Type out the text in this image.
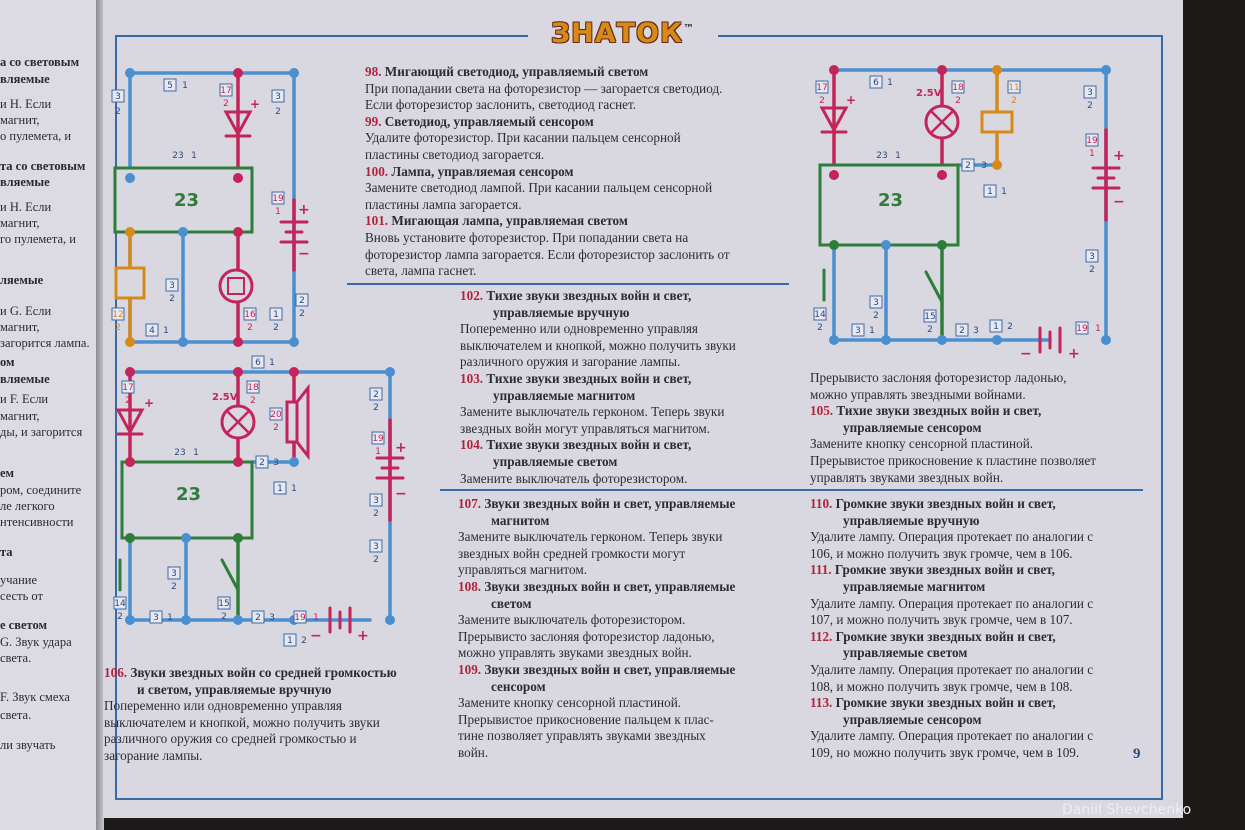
а со световым
вляемые
и H. Если
магнит,
о пулемета, и
та со световым
вляемые
и H. Если
магнит,
го пулемета, и
ляемые
и G. Если
магнит,
загорится лампа.
ом
вляемые
и F. Если
магнит,
ды, и загорится
ем
ром, соедините
ле легкого
нтенсивности
та
учание
сесть от
е светом
G. Звук удара
света.
F. Звук смеха
света.
ли звучать
ЗНАТОК™
23
23
23
+
+
−
+	2.5V
+
−
−	+
+	2.5V
+
−
−	+
5 1
3
2
17
2
3
2
23 1
19
1
2
2
12
2
3
2
4 1
16
2
1
2
6 1
17
2
18
2
20
2
23 1
2 3
1 1
2
2
19
1
3
2
3
2
14
2
3
2
15
2
3 1	2 3 19 1
1 2
6 1
17
2
18
2
11
2
3
2
23 1
2 3
1 1
19
1
3
2
14
2
3
2	15
2
3 1	2 3 1 2	19 1
98. Мигающий светодиод, управляемый светом
При попадании света на фоторезистор — загорается светодиод.
Если фоторезистор заслонить, светодиод гаснет.
99. Светодиод, управляемый сенсором
Удалите фоторезистор. При касании пальцем сенсорной
пластины светодиод загорается.
100. Лампа, управляемая сенсором
Замените светодиод лампой. При касании пальцем сенсорной
пластины лампа загорается.
101. Мигающая лампа, управляемая светом
Вновь установите фоторезистор. При попадании света на
фоторезистор лампа загорается. Если фоторезистор заслонить от
света, лампа гаснет.
102. Тихие звуки звездных войн и свет,
управляемые вручную
Попеременно или одновременно управляя
выключателем и кнопкой, можно получить звуки
различного оружия и загорание лампы.
103. Тихие звуки звездных войн и свет,
управляемые магнитом
Замените выключатель герконом. Теперь звуки
звездных войн могут управляться магнитом.
104. Тихие звуки звездных войн и свет,
управляемые светом
Замените выключатель фоторезистором.
Прерывисто заслоняя фоторезистор ладонью,
можно управлять звездными войнами.
105. Тихие звуки звездных войн и свет,
управляемые сенсором
Замените кнопку сенсорной пластиной.
Прерывистое прикосновение к пластине позволяет
управлять звуками звездных войн.
106. Звуки звездных войн со средней громкостью
и светом, управляемые вручную
Попеременно или одновременно управляя
выключателем и кнопкой, можно получить звуки
различного оружия со средней громкостью и
загорание лампы.
107. Звуки звездных войн и свет, управляемые
магнитом
Замените выключатель герконом. Теперь звуки
звездных войн средней громкости могут
управляться магнитом.
108. Звуки звездных войн и свет, управляемые
светом
Замените выключатель фоторезистором.
Прерывисто заслоняя фоторезистор ладонью,
можно управлять звуками звездных войн.
109. Звуки звездных войн и свет, управляемые
сенсором
Замените кнопку сенсорной пластиной.
Прерывистое прикосновение пальцем к плас-
тине позволяет управлять звуками звездных
войн.
110. Громкие звуки звездных войн и свет,
управляемые вручную
Удалите лампу. Операция протекает по аналогии с
106, и можно получить звук громче, чем в 106.
111. Громкие звуки звездных войн и свет,
управляемые магнитом
Удалите лампу. Операция протекает по аналогии с
107, и можно получить звук громче, чем в 107.
112. Громкие звуки звездных войн и свет,
управляемые светом
Удалите лампу. Операция протекает по аналогии с
108, и можно получить звук громче, чем в 108.
113. Громкие звуки звездных войн и свет,
управляемые сенсором
Удалите лампу. Операция протекает по аналогии с
109, но можно получить звук громче, чем в 109.	9
Daniil Shevchenko
